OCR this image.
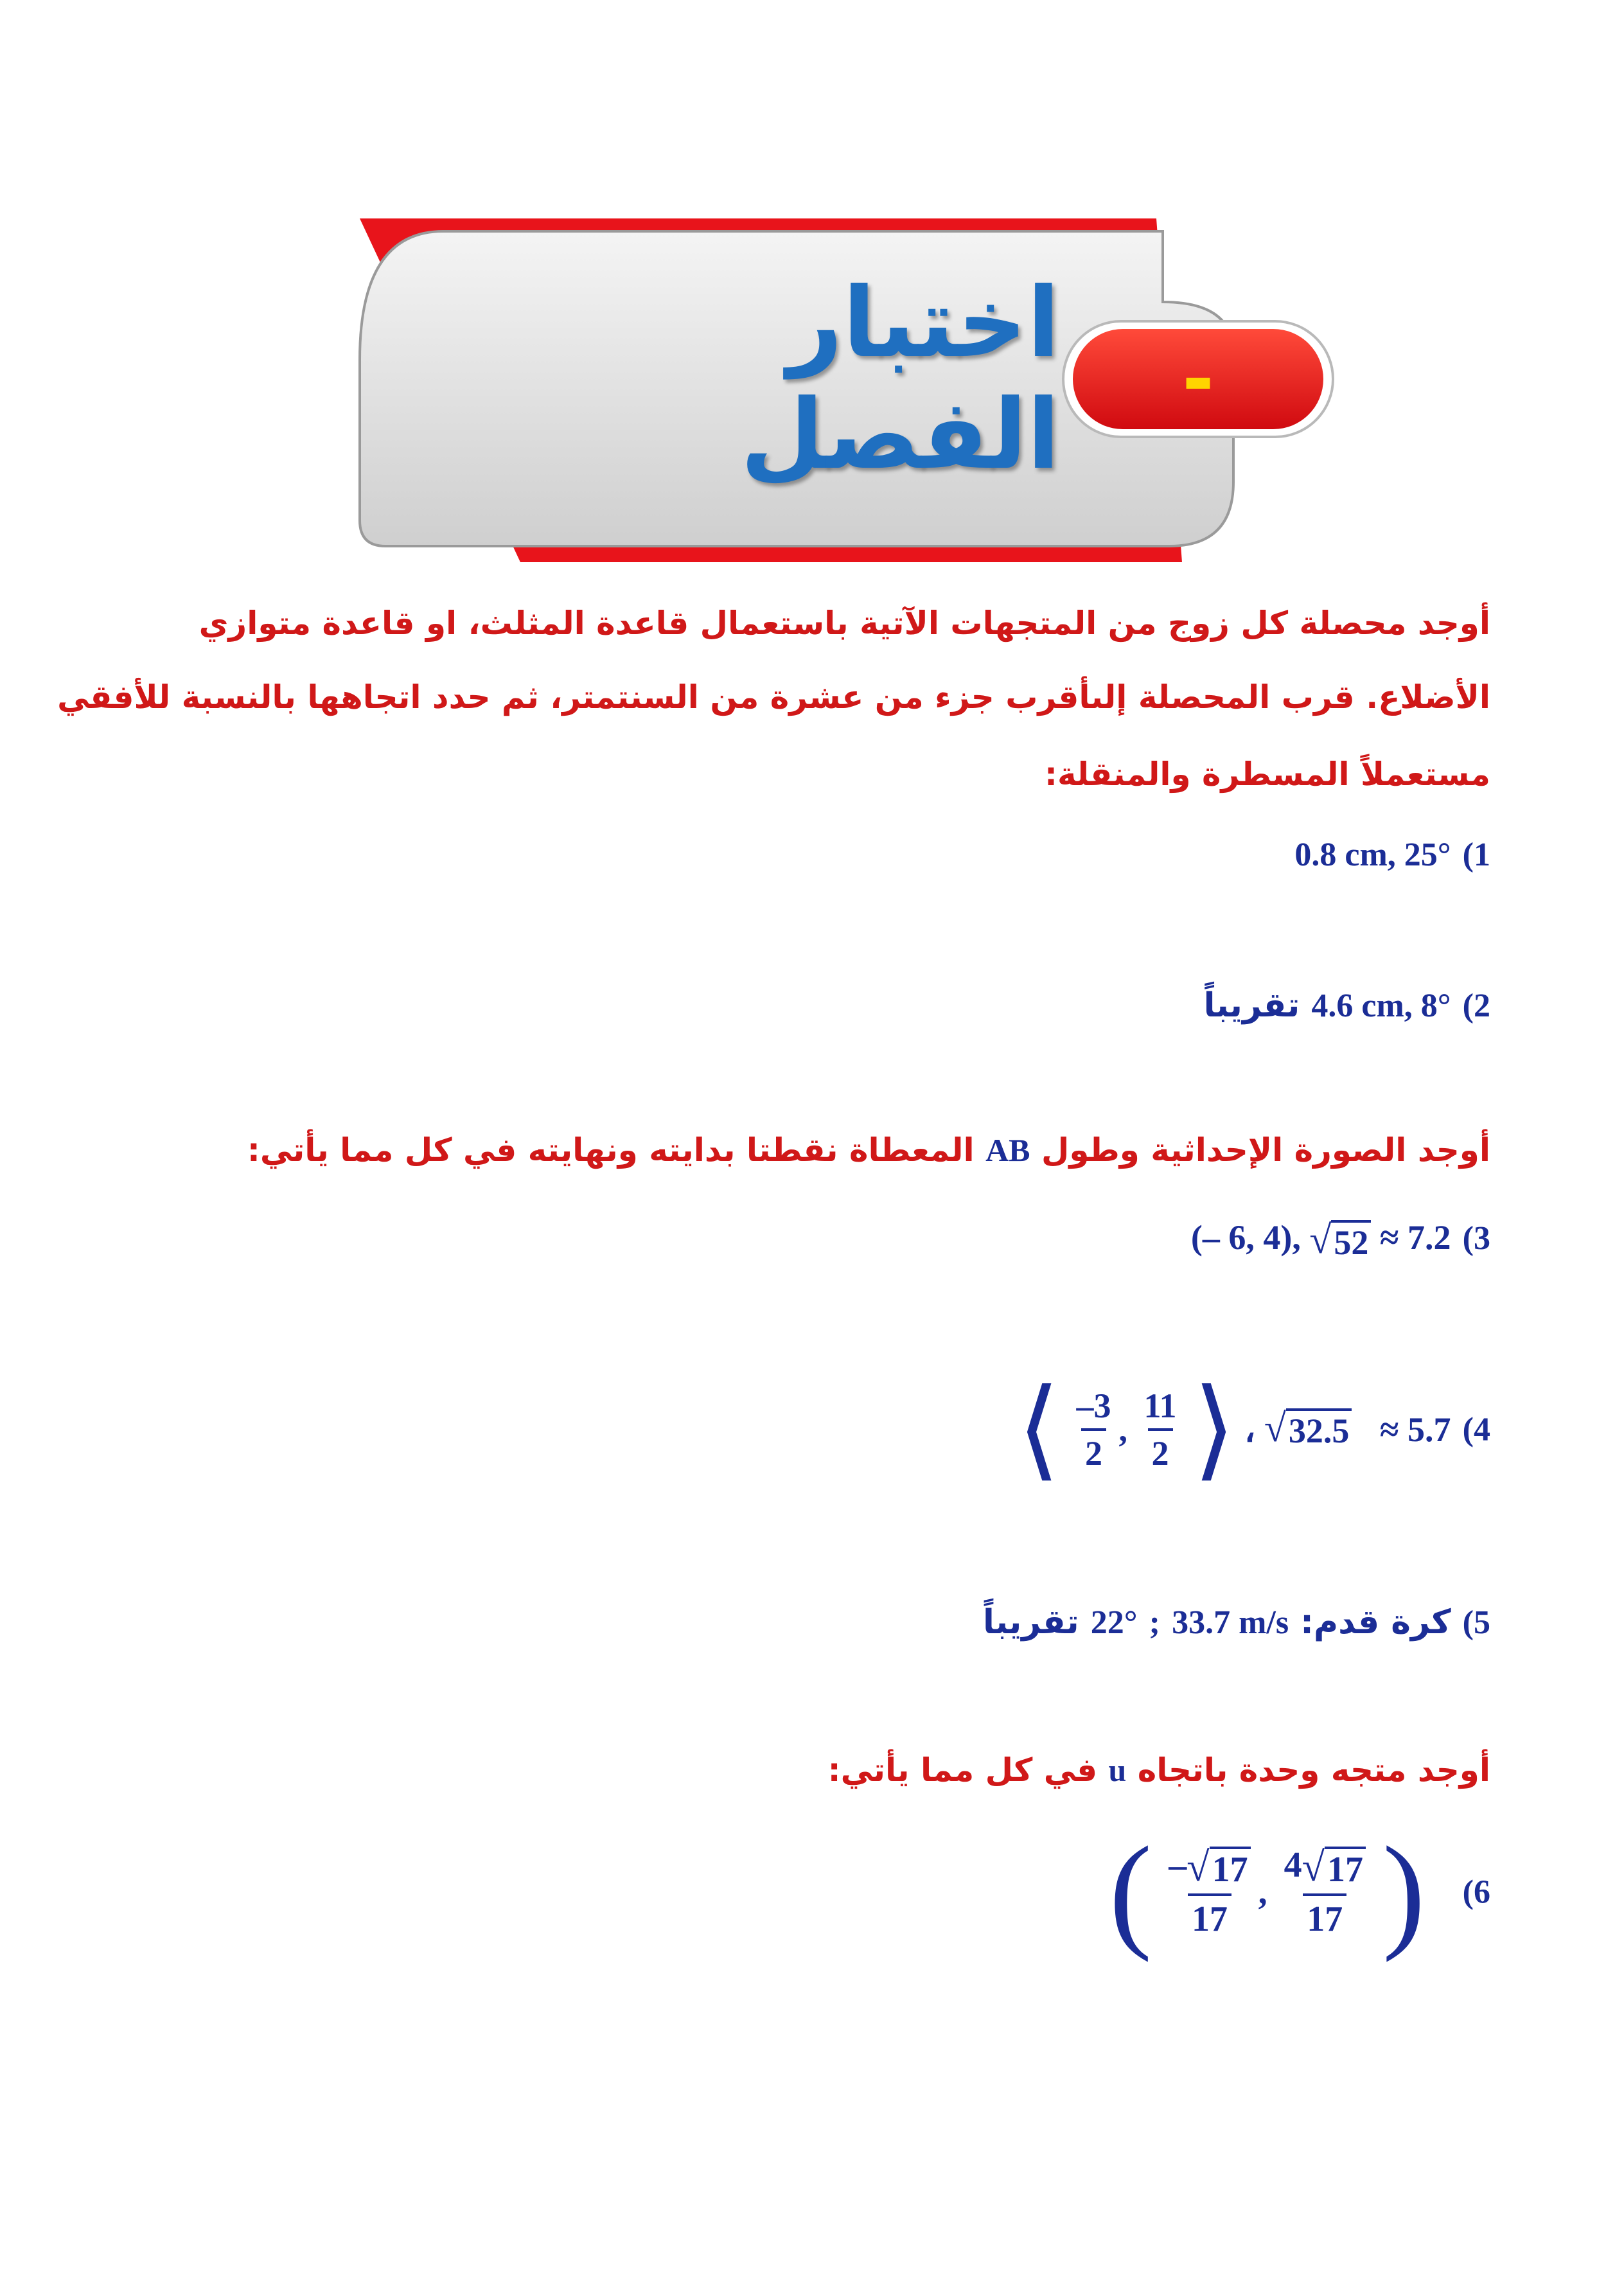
اختبار الفصل	-
أوجد محصلة كل زوج من المتجهات الآتية باستعمال قاعدة المثلث، او قاعدة متوازي
الأضلاع. قرب المحصلة إلىأقرب جزء من عشرة من السنتمتر، ثم حدد اتجاهها بالنسبة للأفقي
مستعملاً المسطرة والمنقلة:
1) 0.8 cm, 25°
2) 4.6 cm, 8° تقريباً
أوجد الصورة الإحداثية وطول AB المعطاة نقطتا بدايته ونهايته في كل مما يأتي:
3) (– 6, 4), √ 52 ≈ 7.2
4) ⟨ $\frac{-3}{2}$ , $\frac{11}{2}$ ⟩ ، √ 32.5 ≈ 5.7
5) كرة قدم: 33.7 m/s ; 22° تقريباً
أوجد متجه وحدة باتجاه u في كل مما يأتي:
6) ( $\frac{- √ 17}{17}$ , $\frac{4 √ 17}{17}$ )
